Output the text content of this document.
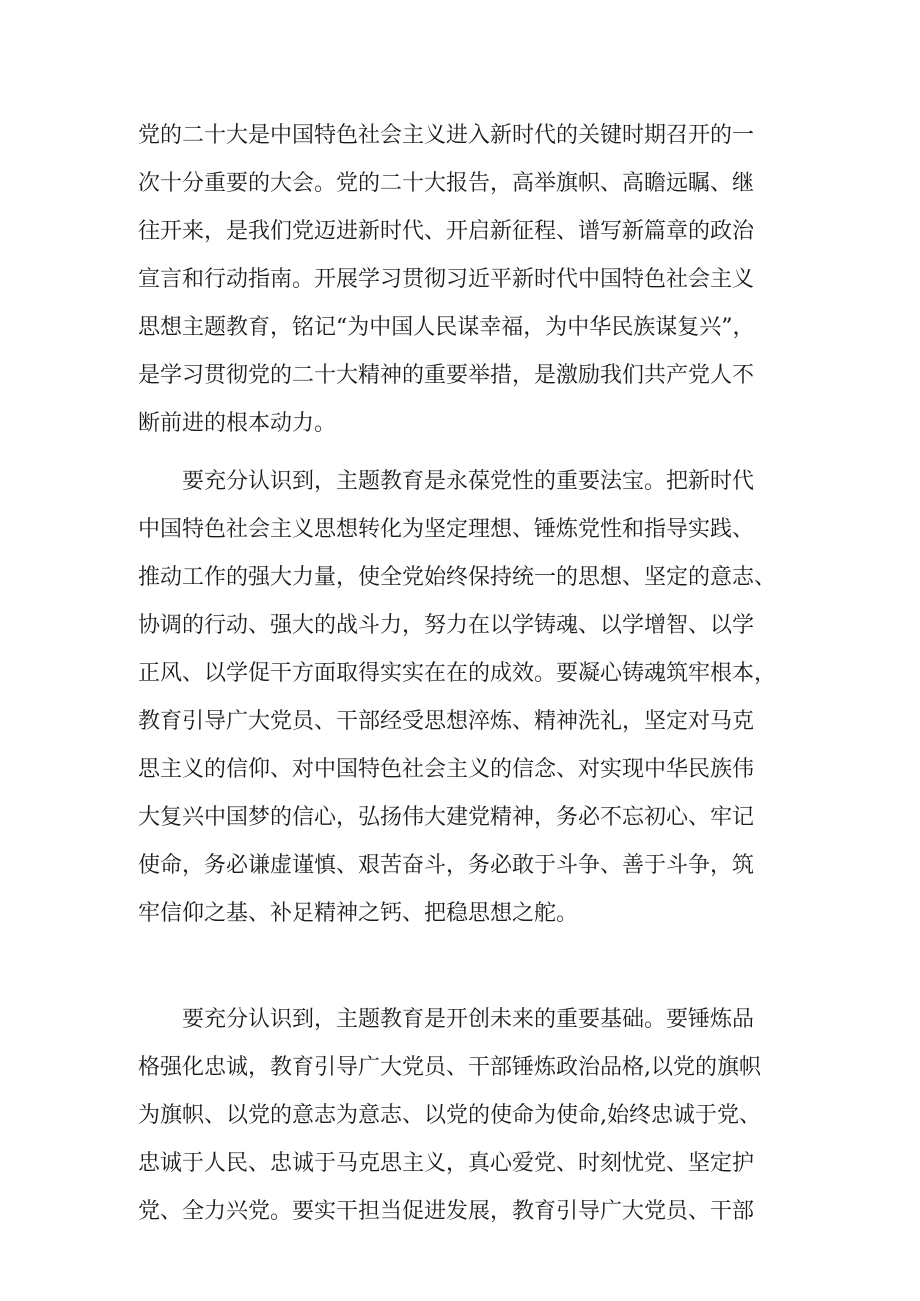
党的二十大是中国特色社会主义进入新时代的关键时期召开的一
次十分重要的大会。党的二十大报告，高举旗帜、高瞻远瞩、继
往开来，是我们党迈进新时代、开启新征程、谱写新篇章的政治
宣言和行动指南。开展学习贯彻习近平新时代中国特色社会主义
思想主题教育，铭记“为中国人民谋幸福，为中华民族谋复兴”，
是学习贯彻党的二十大精神的重要举措，是激励我们共产党人不
断前进的根本动力。
　　要充分认识到，主题教育是永葆党性的重要法宝。把新时代
中国特色社会主义思想转化为坚定理想、锤炼党性和指导实践、
推动工作的强大力量，使全党始终保持统一的思想、坚定的意志、
协调的行动、强大的战斗力，努力在以学铸魂、以学增智、以学
正风、以学促干方面取得实实在在的成效。要凝心铸魂筑牢根本，
教育引导广大党员、干部经受思想淬炼、精神洗礼，坚定对马克
思主义的信仰、对中国特色社会主义的信念、对实现中华民族伟
大复兴中国梦的信心，弘扬伟大建党精神，务必不忘初心、牢记
使命，务必谦虚谨慎、艰苦奋斗，务必敢于斗争、善于斗争，筑
牢信仰之基、补足精神之钙、把稳思想之舵。
　　要充分认识到，主题教育是开创未来的重要基础。要锤炼品
格强化忠诚，教育引导广大党员、干部锤炼政治品格,以党的旗帜
为旗帜、以党的意志为意志、以党的使命为使命,始终忠诚于党、
忠诚于人民、忠诚于马克思主义，真心爱党、时刻忧党、坚定护
党、全力兴党。要实干担当促进发展，教育引导广大党员、干部
